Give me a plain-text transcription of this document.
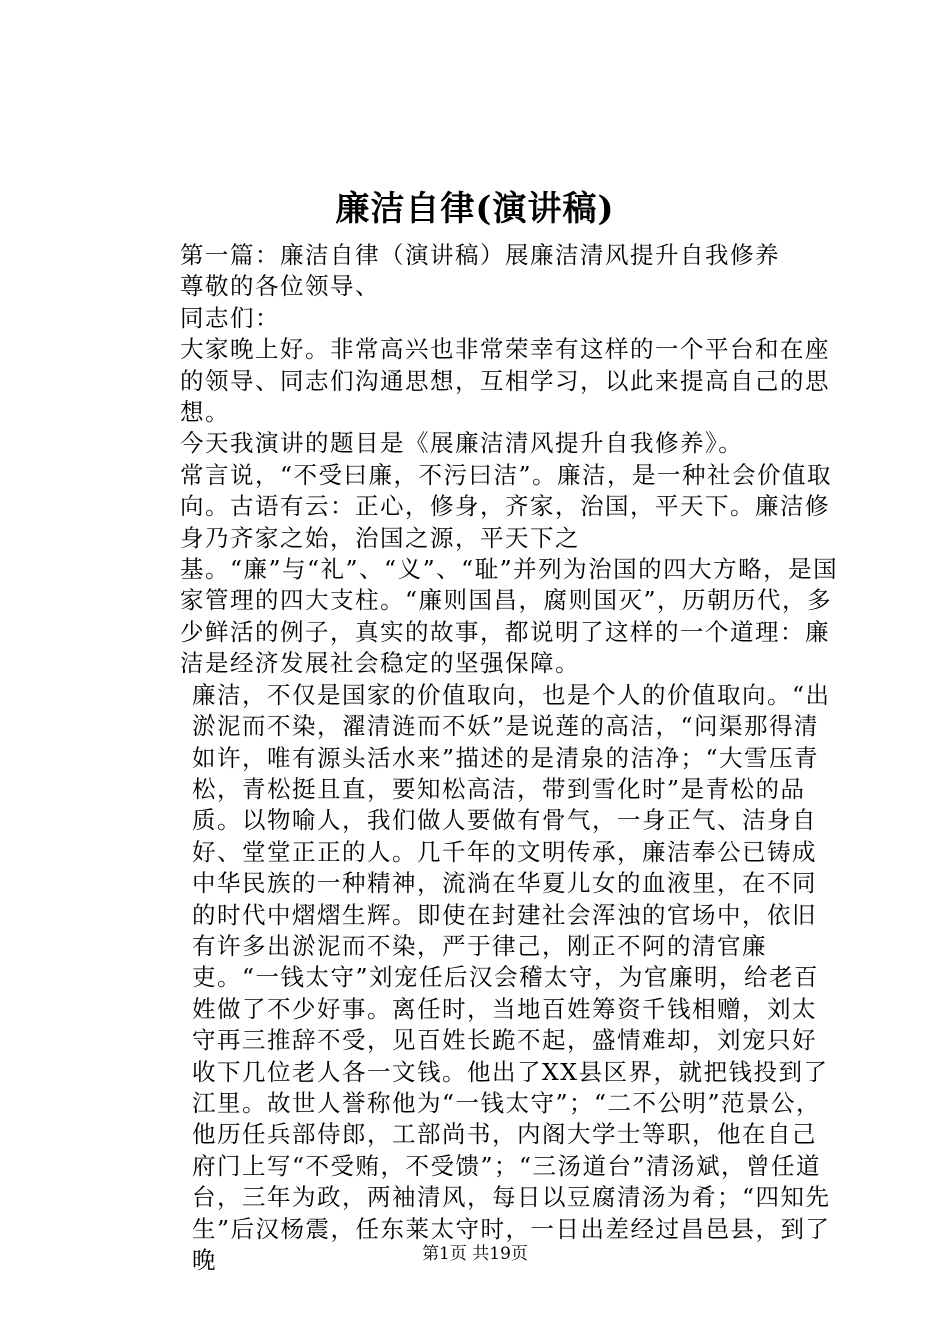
廉洁自律(演讲稿)

第一篇：廉洁自律（演讲稿）展廉洁清风提升自我修养

尊敬的各位领导、

同志们：

大家晚上好。非常高兴也非常荣幸有这样的一个平台和在座的领导、同志们沟通思想，互相学习，以此来提高自己的思想。

今天我演讲的题目是《展廉洁清风提升自我修养》。

常言说，“不受曰廉，不污曰洁”。廉洁，是一种社会价值取向。古语有云：正心，修身，齐家，治国，平天下。廉洁修身乃齐家之始，治国之源，平天下之基。“廉”与“礼”、“义”、“耻”并列为治国的四大方略，是国家管理的四大支柱。“廉则国昌，腐则国灭”，历朝历代，多少鲜活的例子，真实的故事，都说明了这样的一个道理：廉洁是经济发展社会稳定的坚强保障。

廉洁，不仅是国家的价值取向，也是个人的价值取向。“出淤泥而不染，濯清涟而不妖”是说莲的高洁，“问渠那得清如许，唯有源头活水来”描述的是清泉的洁净；“大雪压青松，青松挺且直，要知松高洁，带到雪化时”是青松的品质。以物喻人，我们做人要做有骨气，一身正气、洁身自好、堂堂正正的人。几千年的文明传承，廉洁奉公已铸成中华民族的一种精神，流淌在华夏儿女的血液里，在不同的时代中熠熠生辉。即使在封建社会浑浊的官场中，依旧有许多出淤泥而不染，严于律己，刚正不阿的清官廉吏。“一钱太守”刘宠任后汉会稽太守，为官廉明，给老百姓做了不少好事。离任时，当地百姓筹资千钱相赠，刘太守再三推辞不受，见百姓长跪不起，盛情难却，刘宠只好收下几位老人各一文钱。他出了XX县区界，就把钱投到了江里。故世人誉称他为“一钱太守”；“二不公明”范景公，他历任兵部侍郎，工部尚书，内阁大学士等职，他在自己府门上写“不受贿，不受馈”；“三汤道台”清汤斌，曾任道台，三年为政，两袖清风，每日以豆腐清汤为肴；“四知先生”后汉杨震，任东莱太守时，一日出差经过昌邑县，到了晚	第1页 共19页
